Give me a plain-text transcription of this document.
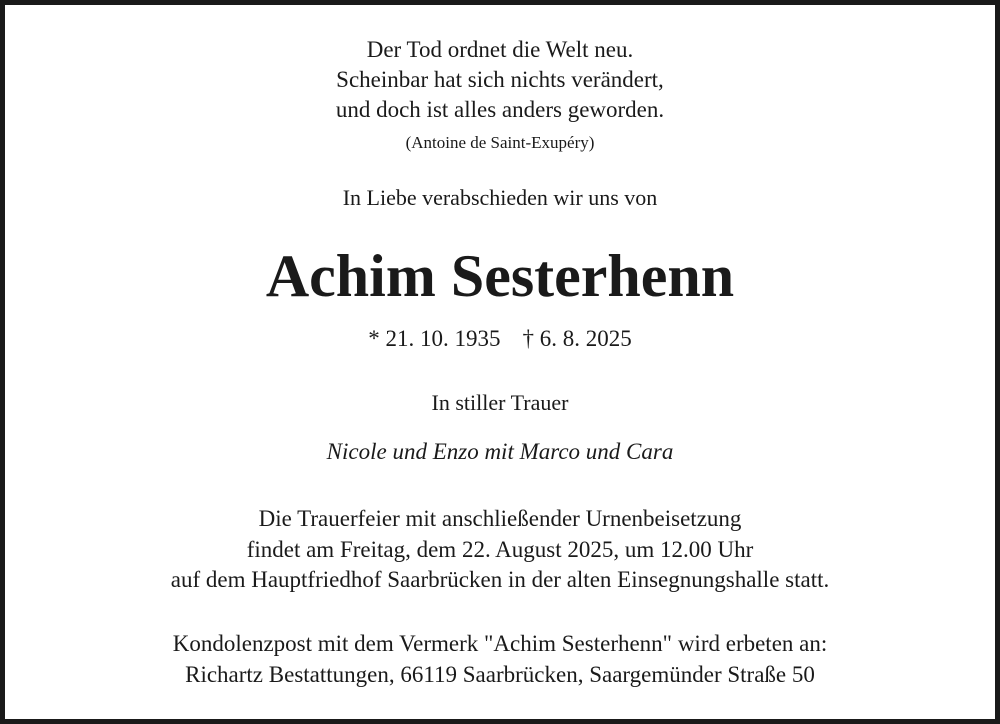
Der Tod ordnet die Welt neu.
Scheinbar hat sich nichts verändert,
und doch ist alles anders geworden.
(Antoine de Saint-Exupéry)
In Liebe verabschieden wir uns von
Achim Sesterhenn
* 21. 10. 1935 † 6. 8. 2025
In stiller Trauer
Nicole und Enzo mit Marco und Cara
Die Trauerfeier mit anschließender Urnenbeisetzung
findet am Freitag, dem 22. August 2025, um 12.00 Uhr
auf dem Hauptfriedhof Saarbrücken in der alten Einsegnungshalle statt.
Kondolenzpost mit dem Vermerk "Achim Sesterhenn" wird erbeten an:
Richartz Bestattungen, 66119 Saarbrücken, Saargemünder Straße 50
